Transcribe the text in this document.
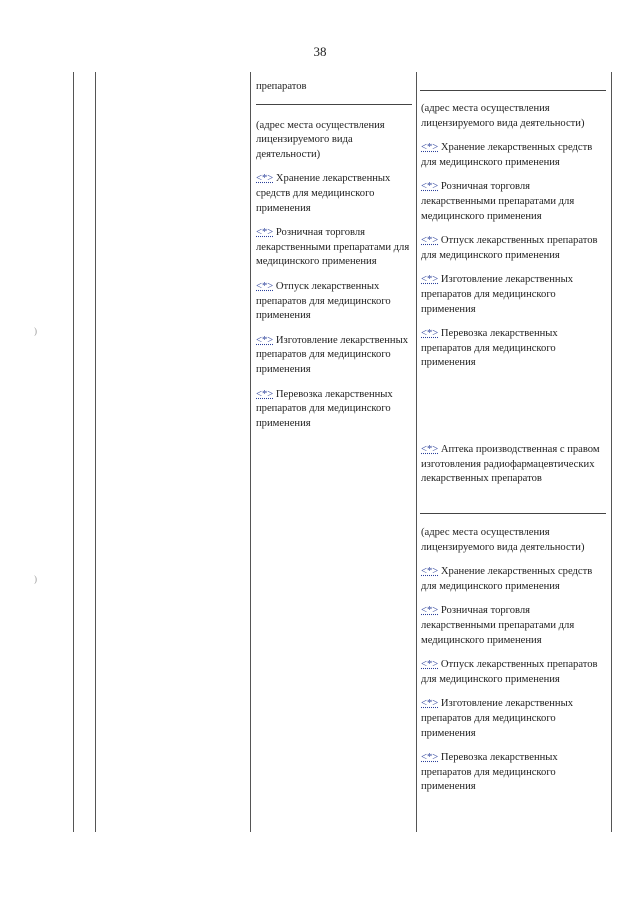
38
)
)
препаратов
(адрес места осуществления лицензируемого вида деятельности)
<*> Хранение лекарственных средств для медицинского применения
<*> Розничная торговля лекарственными препаратами для медицинского применения
<*> Отпуск лекарственных препаратов для медицинского применения
<*> Изготовление лекарственных препаратов для медицинского применения
<*> Перевозка лекарственных препаратов для медицинского применения
(адрес места осуществления лицензируемого вида деятельности)
<*> Хранение лекарственных средств для медицинского применения
<*> Розничная торговля лекарственными препаратами для медицинского применения
<*> Отпуск лекарственных препаратов для медицинского применения
<*> Изготовление лекарственных препаратов для медицинского применения
<*> Перевозка лекарственных препаратов для медицинского применения
<*> Аптека производственная с правом изготовления радиофармацевтических лекарственных препаратов
(адрес места осуществления лицензируемого вида деятельности)
<*> Хранение лекарственных средств для медицинского применения
<*> Розничная торговля лекарственными препаратами для медицинского применения
<*> Отпуск лекарственных препаратов для медицинского применения
<*> Изготовление лекарственных препаратов для медицинского применения
<*> Перевозка лекарственных препаратов для медицинского применения
